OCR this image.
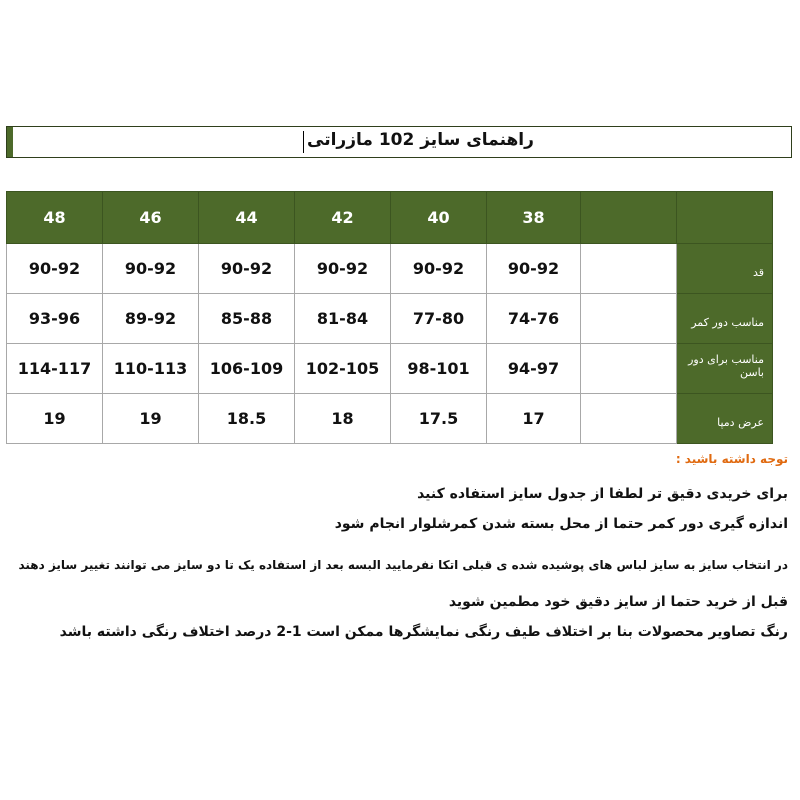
راهنمای سایز 102 مازراتی
48	46	44	42	40	38		
90-92	90-92	90-92	90-92	90-92	90-92		قد
93-96	89-92	85-88	81-84	77-80	74-76		مناسب دور کمر
114-117	110-113	106-109	102-105	98-101	94-97		مناسب برای دور باسن
19	19	18.5	18	17.5	17		عرض دمپا
توجه داشته باشید :
برای خریدی دقیق تر لطفا از جدول سایز استفاده کنید
اندازه گیری دور کمر حتما از محل بسته شدن کمرشلوار انجام شود
در انتخاب سایز به سایز لباس های پوشیده شده ی قبلی اتکا نفرمایید البسه بعد از استفاده یک تا دو سایز می توانند تغییر سایز دهند
قبل از خرید حتما از سایز دقیق خود مطمین شوید
رنگ تصاویر محصولات بنا بر اختلاف طیف رنگی نمایشگرها ممکن است 1-2 درصد اختلاف رنگی داشته باشد
